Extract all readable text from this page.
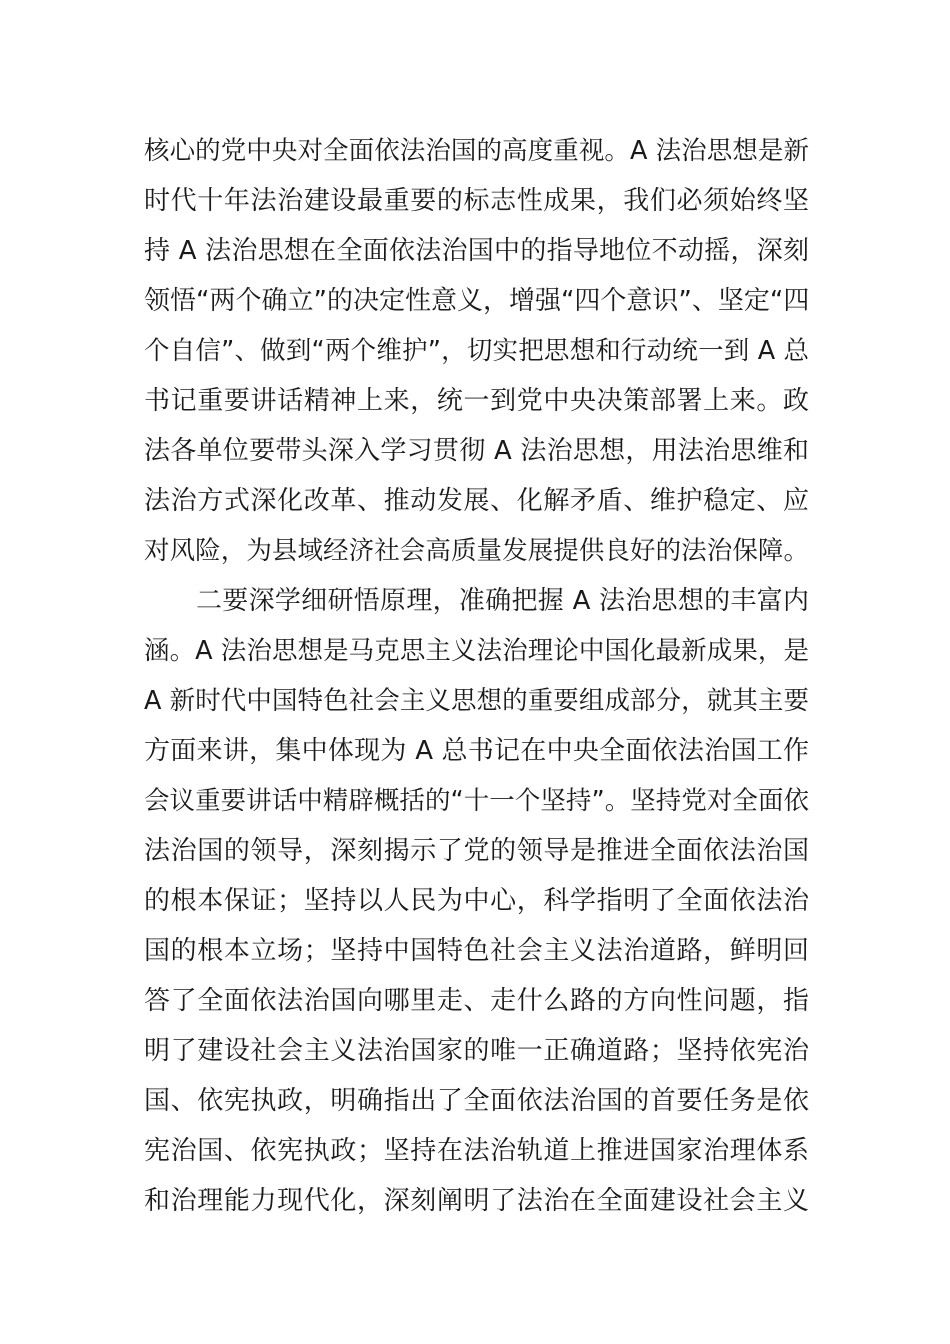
核心的党中央对全面依法治国的高度重视。A 法治思想是新
时代十年法治建设最重要的标志性成果，我们必须始终坚
持 A 法治思想在全面依法治国中的指导地位不动摇，深刻
领悟“两个确立”的决定性意义，增强“四个意识”、坚定“四
个自信”、做到“两个维护”，切实把思想和行动统一到 A 总
书记重要讲话精神上来，统一到党中央决策部署上来。政
法各单位要带头深入学习贯彻 A 法治思想，用法治思维和
法治方式深化改革、推动发展、化解矛盾、维护稳定、应
对风险，为县域经济社会高质量发展提供良好的法治保障。
二要深学细研悟原理，准确把握 A 法治思想的丰富内
涵。A 法治思想是马克思主义法治理论中国化最新成果，是
A 新时代中国特色社会主义思想的重要组成部分，就其主要
方面来讲，集中体现为 A 总书记在中央全面依法治国工作
会议重要讲话中精辟概括的“十一个坚持”。坚持党对全面依
法治国的领导，深刻揭示了党的领导是推进全面依法治国
的根本保证；坚持以人民为中心，科学指明了全面依法治
国的根本立场；坚持中国特色社会主义法治道路，鲜明回
答了全面依法治国向哪里走、走什么路的方向性问题，指
明了建设社会主义法治国家的唯一正确道路；坚持依宪治
国、依宪执政，明确指出了全面依法治国的首要任务是依
宪治国、依宪执政；坚持在法治轨道上推进国家治理体系
和治理能力现代化，深刻阐明了法治在全面建设社会主义
